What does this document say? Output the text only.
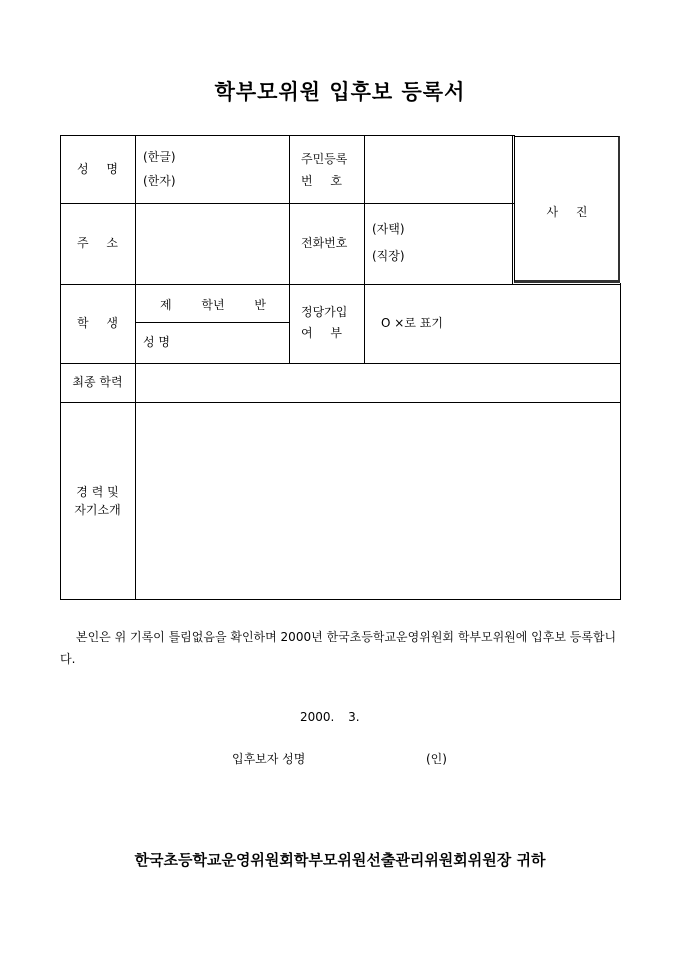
학부모위원 입후보 등록서
성 명
(한글)
(한자)
주민등록
번 호
사 진
주 소	전화번호
(자택)
(직장)
학 생
제 학년 반
성 명
정당가입
여 부
O ×로 표기
최종 학력
경 력 및
자기소개
본인은 위 기록이 틀림없음을 확인하며 2000년 한국초등학교운영위원회 학부모위원에 입후보 등록합니다.
2000. 3.
입후보자 성명	(인)
한국초등학교운영위원회학부모위원선출관리위원회위원장 귀하
